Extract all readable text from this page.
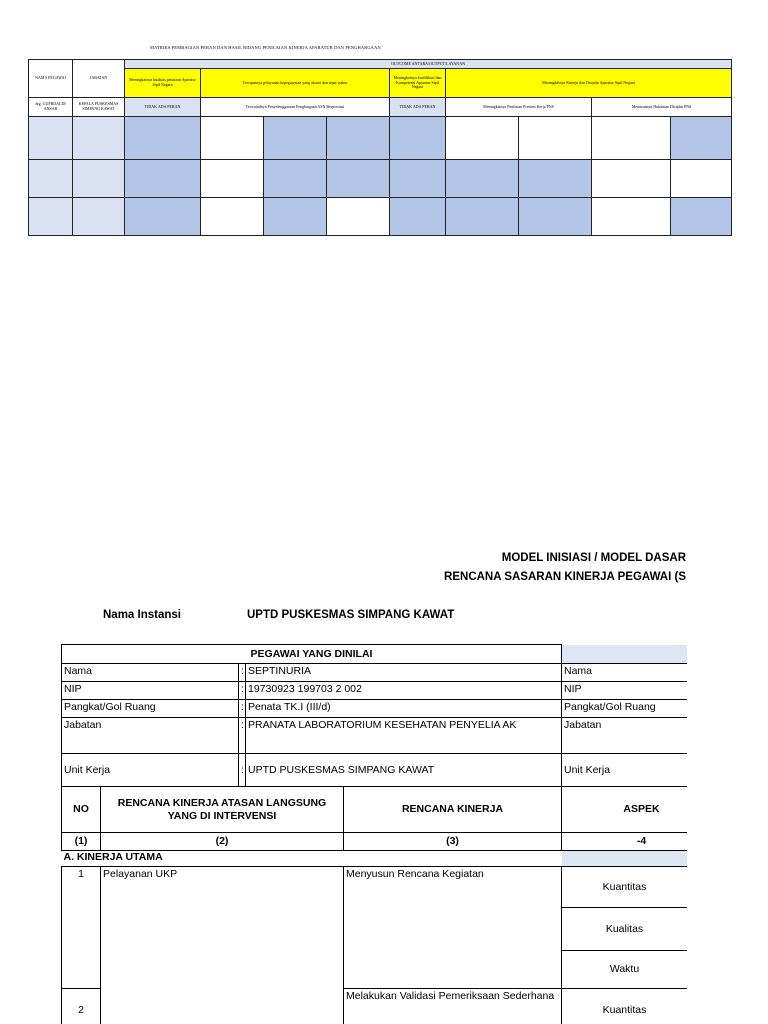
MATRIKS PEMBAGIAN PERAN DAN HASIL BIDANG PENILAIAN KINERJA APARATUR DAN PENGHARGAAN
NAMA PEGAWAI	JABATAN	OUTCOME ANTARA/OUTPUT/LAYANAN								
		Meningkatnya kualitas penataan Aparatur Sipil Negara	Tercapainya pelayanan kepegawaian yang akurat dan tepat waktu			Meningkatnya kualifikasi dan Kompetensi Aparatur Sipil Negara	Meningkatnya Kinerja dan Disiplin Aparatur Sipil Negara			
drg. GUFRIJALDI ANSAR	KEPALA PUSKESMAS SIMPANG KAWAT	TIDAK ADA PERAN	Terwujudnya Penyelenggaraan Penghargaan ASN Berprestasi			TIDAK ADA PERAN	Meningkatnya Penilaian Prestasi Kerja PNS		Menurunnya Hukuman Disiplin PNS	

MODEL INISIASI / MODEL DASAR
RENCANA SASARAN KINERJA PEGAWAI (S
Nama Instansi	UPTD PUSKESMAS SIMPANG KAWAT
PEGAWAI YANG DINILAI						
Nama		:	SEPTINURIA		Nama	
NIP		:	19730923 199703 2 002		NIP	
Pangkat/Gol Ruang		:	Penata TK.I (III/d)		Pangkat/Gol Ruang	
Jabatan		:	PRANATA LABORATORIUM KESEHATAN PENYELIA AK		Jabatan	
Unit Kerja		:	UPTD PUSKESMAS SIMPANG KAWAT		Unit Kerja	
NO	RENCANA KINERJA ATASAN LANGSUNG YANG DI INTERVENSI			RENCANA KINERJA	ASPEK	
(1)	(2)			(3)	-4	
A. KINERJA UTAMA						
1	Pelayanan UKP			Menyusun Rencana Kegiatan	Kuantitas	
					Kualitas	
					Waktu	
2				Melakukan Validasi Pemeriksaan Sederhana	Kuantitas	
